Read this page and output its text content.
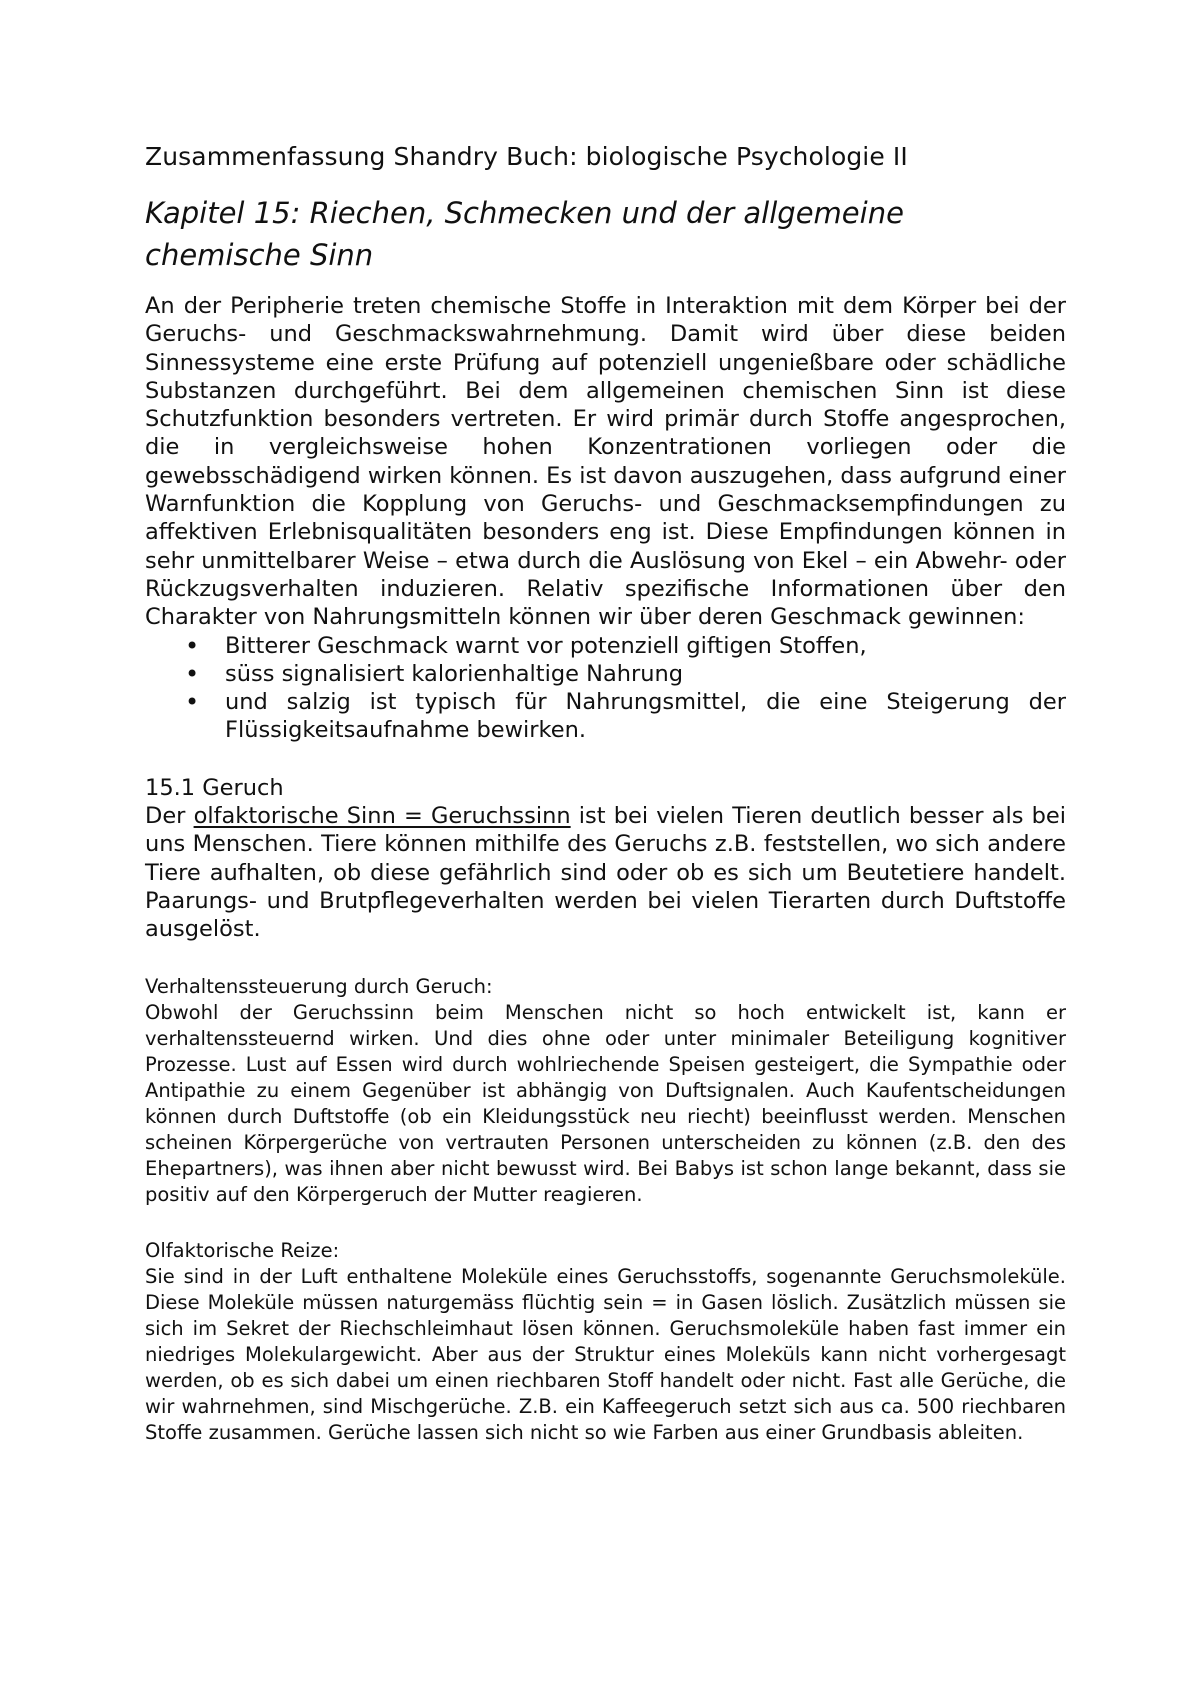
Zusammenfassung Shandry Buch: biologische Psychologie II
Kapitel 15: Riechen, Schmecken und der allgemeine chemische Sinn

An der Peripherie treten chemische Stoffe in Interaktion mit dem Körper bei der Geruchs- und Geschmackswahrnehmung. Damit wird über diese beiden Sinnessysteme eine erste Prüfung auf potenziell ungenießbare oder schädliche Substanzen durchgeführt. Bei dem allgemeinen chemischen Sinn ist diese Schutzfunktion besonders vertreten. Er wird primär durch Stoffe angesprochen, die in vergleichsweise hohen Konzentrationen vorliegen oder die gewebsschädigend wirken können. Es ist davon auszugehen, dass aufgrund einer Warnfunktion die Kopplung von Geruchs- und Geschmacksempfindungen zu affektiven Erlebnisqualitäten besonders eng ist. Diese Empfindungen können in sehr unmittelbarer Weise – etwa durch die Auslösung von Ekel – ein Abwehr- oder Rückzugsverhalten induzieren. Relativ spezifische Informationen über den Charakter von Nahrungsmitteln können wir über deren Geschmack gewinnen:

• Bitterer Geschmack warnt vor potenziell giftigen Stoffen,
• süss signalisiert kalorienhaltige Nahrung
• und salzig ist typisch für Nahrungsmittel, die eine Steigerung der Flüssigkeitsaufnahme bewirken.
15.1 Geruch

Der olfaktorische Sinn = Geruchssinn ist bei vielen Tieren deutlich besser als bei uns Menschen. Tiere können mithilfe des Geruchs z.B. feststellen, wo sich andere Tiere aufhalten, ob diese gefährlich sind oder ob es sich um Beutetiere handelt. Paarungs- und Brutpflegeverhalten werden bei vielen Tierarten durch Duftstoffe ausgelöst.

Verhaltenssteuerung durch Geruch:

Obwohl der Geruchssinn beim Menschen nicht so hoch entwickelt ist, kann er verhaltenssteuernd wirken. Und dies ohne oder unter minimaler Beteiligung kognitiver Prozesse. Lust auf Essen wird durch wohlriechende Speisen gesteigert, die Sympathie oder Antipathie zu einem Gegenüber ist abhängig von Duftsignalen. Auch Kaufentscheidungen können durch Duftstoffe (ob ein Kleidungsstück neu riecht) beeinflusst werden. Menschen scheinen Körpergerüche von vertrauten Personen unterscheiden zu können (z.B. den des Ehepartners), was ihnen aber nicht bewusst wird. Bei Babys ist schon lange bekannt, dass sie positiv auf den Körpergeruch der Mutter reagieren.

Olfaktorische Reize:

Sie sind in der Luft enthaltene Moleküle eines Geruchsstoffs, sogenannte Geruchsmoleküle. Diese Moleküle müssen naturgemäss flüchtig sein = in Gasen löslich. Zusätzlich müssen sie sich im Sekret der Riechschleimhaut lösen können. Geruchsmoleküle haben fast immer ein niedriges Molekulargewicht. Aber aus der Struktur eines Moleküls kann nicht vorhergesagt werden, ob es sich dabei um einen riechbaren Stoff handelt oder nicht. Fast alle Gerüche, die wir wahrnehmen, sind Mischgerüche. Z.B. ein Kaffeegeruch setzt sich aus ca. 500 riechbaren Stoffe zusammen. Gerüche lassen sich nicht so wie Farben aus einer Grundbasis ableiten.
